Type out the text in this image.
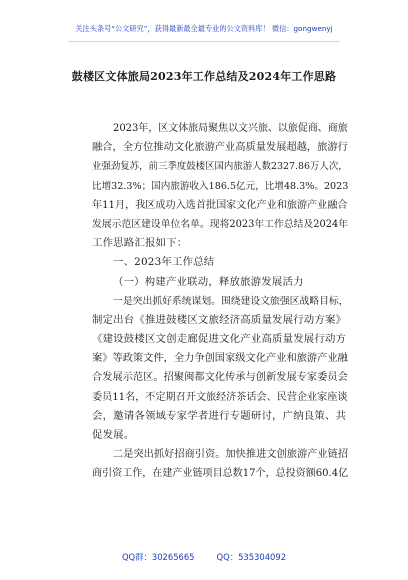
关注头条号“公文研究”，获得最新最全最专业的公文资料库！ 微信：gongwenyj
鼓楼区文体旅局2023年工作总结及2024年工作思路
2023年，区文体旅局聚焦以文兴旅、以旅促商、商旅
融合，全方位推动文化旅游产业高质量发展超越，旅游行
业强劲复苏，前三季度鼓楼区国内旅游人数2327.86万人次，
比增32.3%；国内旅游收入186.5亿元，比增48.3%。2023
年11月，我区成功入选首批国家文化产业和旅游产业融合
发展示范区建设单位名单。现将2023年工作总结及2024年
工作思路汇报如下：
一、2023年工作总结
（一）构建产业联动，释放旅游发展活力
一是突出抓好系统谋划。围绕建设文旅强区战略目标，
制定出台《推进鼓楼区文旅经济高质量发展行动方案》
《建设鼓楼区文创走廊促进文化产业高质量发展行动方
案》等政策文件，全力争创国家级文化产业和旅游产业融
合发展示范区。招聚闽都文化传承与创新发展专家委员会
委员11名，不定期召开文旅经济茶话会、民营企业家座谈
会，邀请各领域专家学者进行专题研讨，广纳良策、共
促发展。
二是突出抓好招商引资。加快推进文创旅游产业链招
商引资工作，在建产业链项目总数17个，总投资额60.4亿
QQ群：30265665	QQ：535304092
